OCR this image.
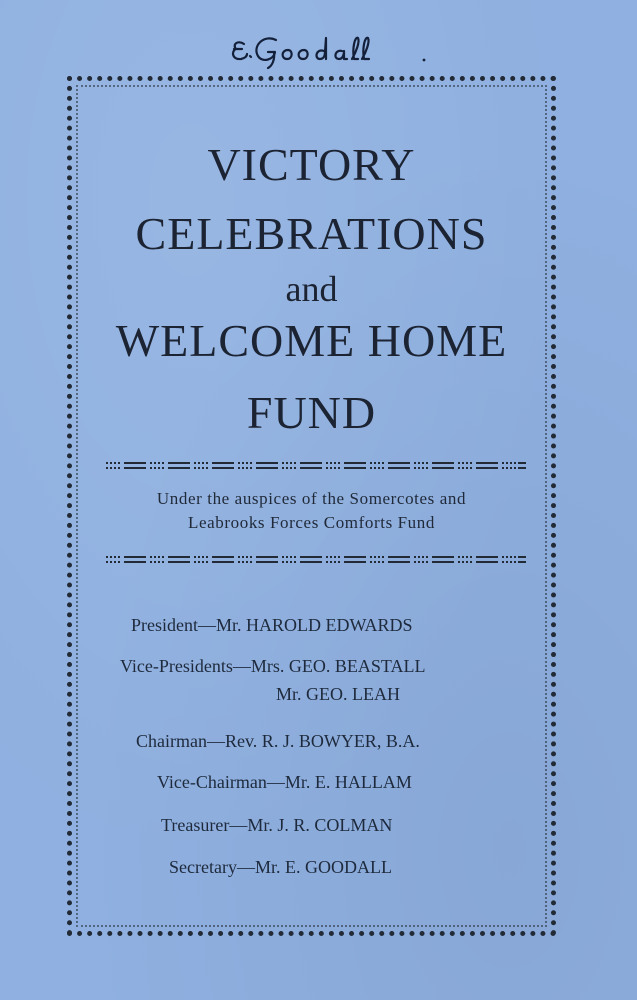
VICTORY
CELEBRATIONS
and
WELCOME HOME
FUND
Under the auspices of the Somercotes and
Leabrooks Forces Comforts Fund
President—Mr. HAROLD EDWARDS
Vice-Presidents—Mrs. GEO. BEASTALL
Mr. GEO. LEAH
Chairman—Rev. R. J. BOWYER, B.A.
Vice-Chairman—Mr. E. HALLAM
Treasurer—Mr. J. R. COLMAN
Secretary—Mr. E. GOODALL
